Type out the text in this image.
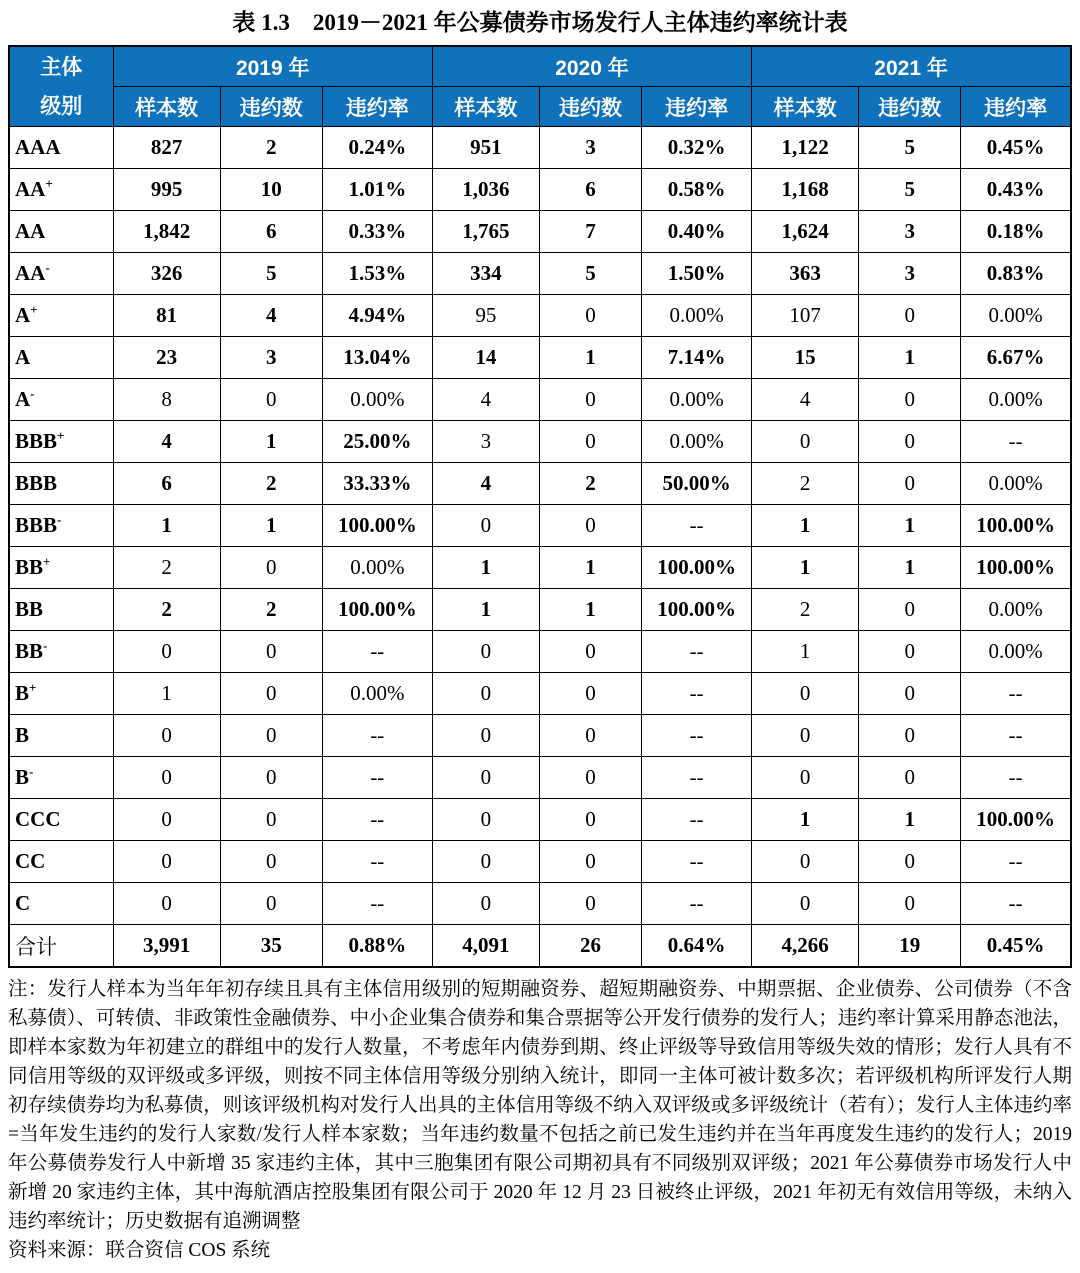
表 1.3　2019－2021 年公募债券市场发行人主体违约率统计表
主体
级别	2019 年			2020 年			2021 年		
	样本数	违约数	违约率	样本数	违约数	违约率	样本数	违约数	违约率
AAA	827	2	0.24%	951	3	0.32%	1,122	5	0.45%
AA+	995	10	1.01%	1,036	6	0.58%	1,168	5	0.43%
AA	1,842	6	0.33%	1,765	7	0.40%	1,624	3	0.18%
AA-	326	5	1.53%	334	5	1.50%	363	3	0.83%
A+	81	4	4.94%	95	0	0.00%	107	0	0.00%
A	23	3	13.04%	14	1	7.14%	15	1	6.67%
A-	8	0	0.00%	4	0	0.00%	4	0	0.00%
BBB+	4	1	25.00%	3	0	0.00%	0	0	--
BBB	6	2	33.33%	4	2	50.00%	2	0	0.00%
BBB-	1	1	100.00%	0	0	--	1	1	100.00%
BB+	2	0	0.00%	1	1	100.00%	1	1	100.00%
BB	2	2	100.00%	1	1	100.00%	2	0	0.00%
BB-	0	0	--	0	0	--	1	0	0.00%
B+	1	0	0.00%	0	0	--	0	0	--
B	0	0	--	0	0	--	0	0	--
B-	0	0	--	0	0	--	0	0	--
CCC	0	0	--	0	0	--	1	1	100.00%
CC	0	0	--	0	0	--	0	0	--
C	0	0	--	0	0	--	0	0	--
合计	3,991	35	0.88%	4,091	26	0.64%	4,266	19	0.45%
注：发行人样本为当年年初存续且具有主体信用级别的短期融资券、超短期融资券、中期票据、企业债券、公司债券（不含私募债）、可转债、非政策性金融债券、中小企业集合债券和集合票据等公开发行债券的发行人；违约率计算采用静态池法，即样本家数为年初建立的群组中的发行人数量，不考虑年内债券到期、终止评级等导致信用等级失效的情形；发行人具有不同信用等级的双评级或多评级，则按不同主体信用等级分别纳入统计，即同一主体可被计数多次；若评级机构所评发行人期初存续债券均为私募债，则该评级机构对发行人出具的主体信用等级不纳入双评级或多评级统计（若有）；发行人主体违约率=当年发生违约的发行人家数/发行人样本家数；当年违约数量不包括之前已发生违约并在当年再度发生违约的发行人；2019 年公募债券发行人中新增 35 家违约主体，其中三胞集团有限公司期初具有不同级别双评级；2021 年公募债券市场发行人中新增 20 家违约主体，其中海航酒店控股集团有限公司于 2020 年 12 月 23 日被终止评级，2021 年初无有效信用等级，未纳入违约率统计；历史数据有追溯调整
资料来源：联合资信 COS 系统
